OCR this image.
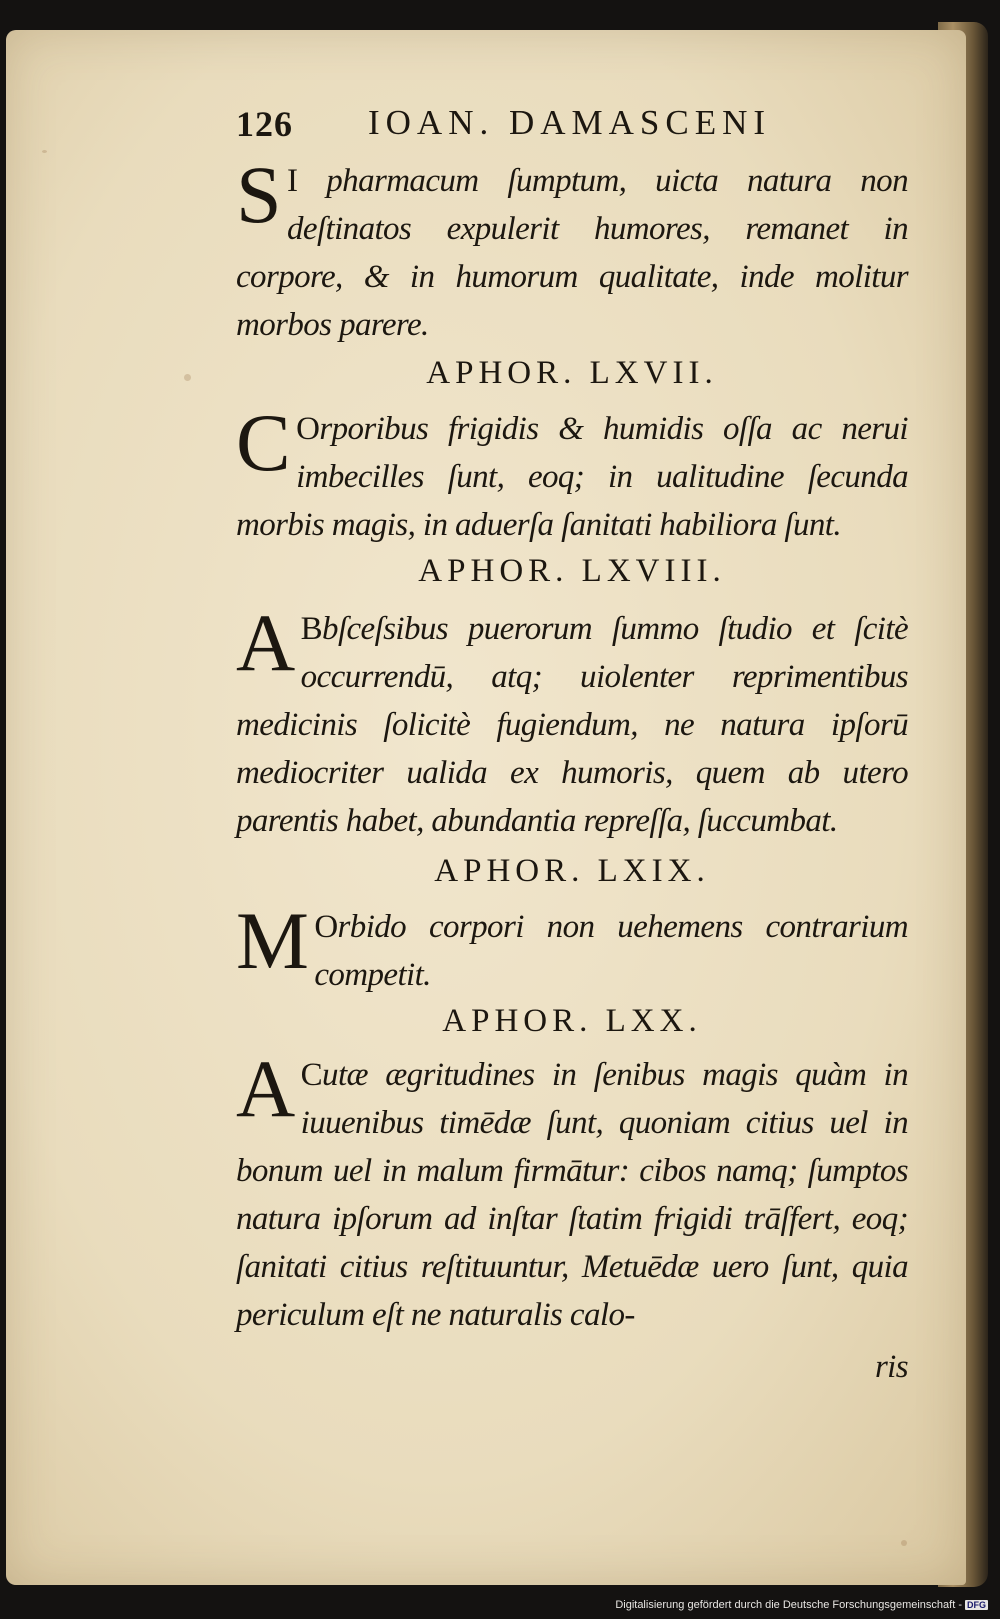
126 IOAN. DAMASCENI
S I pharmacum ſumptum, uicta natura non deſtinatos expulerit humores, remanet in corpore, & in humorum qualitate, inde molitur morbos parere.
APHOR. LXVII.
C Orporibus frigidis & humidis oſſa ac nerui imbecilles ſunt, eoq; in ualitudine ſecunda morbis magis, in aduerſa ſanitati habiliora ſunt.
APHOR. LXVIII.
A Bbſceſsibus puerorum ſummo ſtudio et ſcitè occurrendū, atq; uiolenter reprimentibus medicinis ſolicitè fugiendum, ne natura ipſorū mediocriter ualida ex humoris, quem ab utero parentis habet, abundantia repreſſa, ſuccumbat.
APHOR. LXIX.
M Orbido corpori non uehemens contrarium competit.
APHOR. LXX.
A Cutæ ægritudines in ſenibus magis quàm in iuuenibus timēdæ ſunt, quoniam citius uel in bonum uel in malum firmātur: cibos namq; ſumptos natura ipſorum ad inſtar ſtatim frigidi trāſfert, eoq; ſanitati citius reſtituuntur, Metuēdæ uero ſunt, quia periculum eſt ne naturalis calo-
ris
Digitalisierung gefördert durch die Deutsche Forschungsgemeinschaft - DFG
